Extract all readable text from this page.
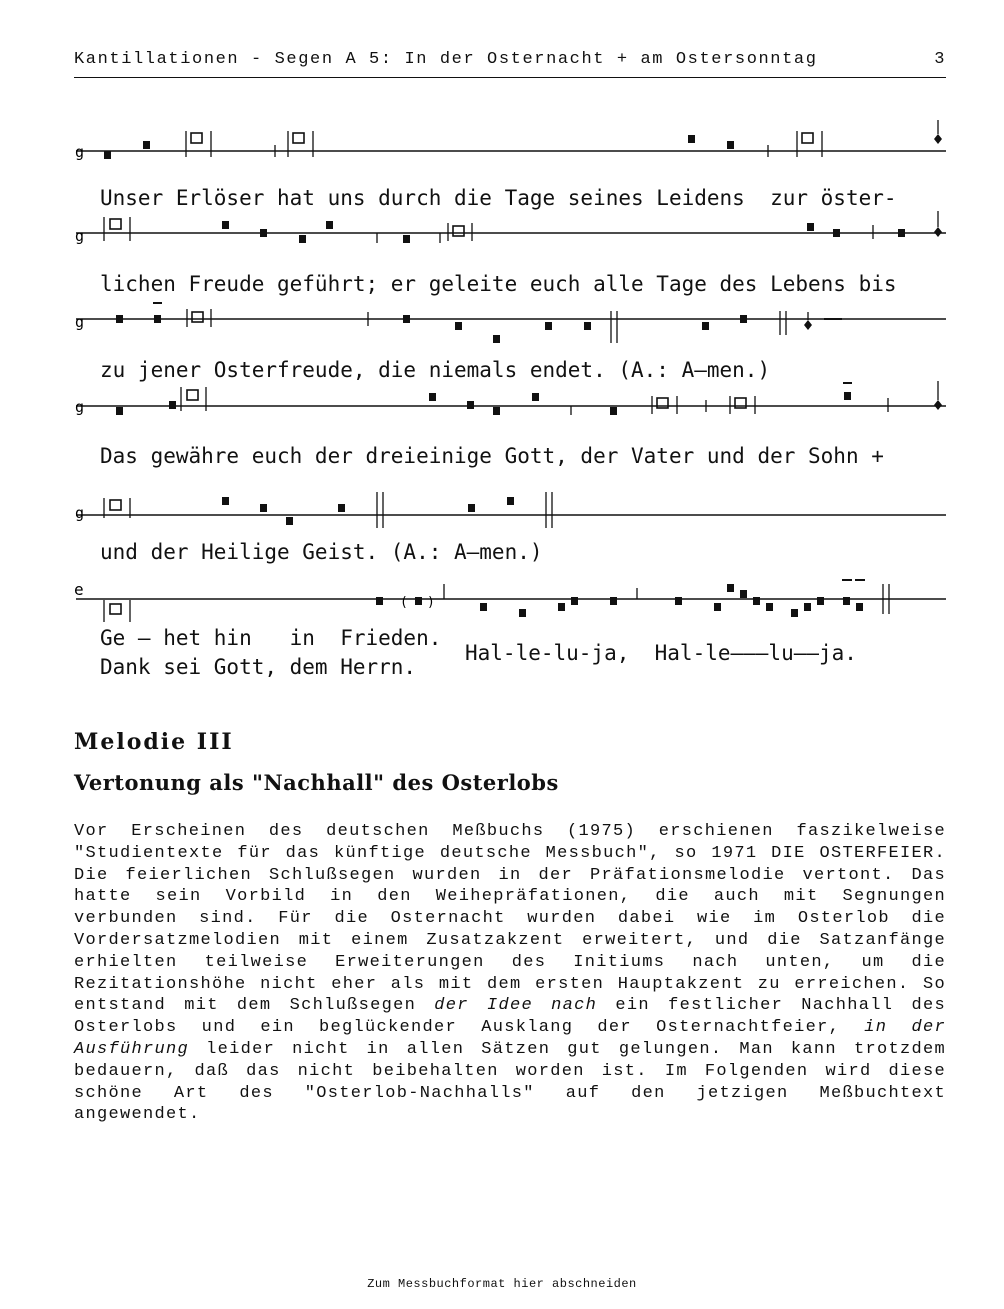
Kantillationen - Segen A 5: In der Osternacht + am Ostersonntag	3
g
Unser Erlöser hat uns durch die Tage seines Leidens  zur öster-
g
lichen Freude geführt; er geleite euch alle Tage des Lebens bis
g
zu jener Osterfreude, die niemals endet. (A.: A—men.)
g
Das gewähre euch der dreieinige Gott, der Vater und der Sohn +
g
und der Heilige Geist. (A.: A—men.)
e
( )
Ge — het hin   in  Frieden.
Dank sei Gott, dem Herrn.
Hal-le-lu-ja,  Hal-le———lu——ja.
Melodie III
Vertonung als "Nachhall" des Osterlobs

Vor Erscheinen des deutschen Meßbuchs (1975) erschienen faszikelweise "Studientexte für das künftige deutsche Messbuch", so 1971 DIE OSTERFEIER. Die feierlichen Schlußsegen wurden in der Präfationsmelodie vertont. Das hatte sein Vorbild in den Weihepräfationen, die auch mit Segnungen verbunden sind. Für die Osternacht wurden dabei wie im Osterlob die Vordersatzmelodien mit einem Zusatzakzent erweitert, und die Satzanfänge erhielten teilweise Erweiterungen des Initiums nach unten, um die Rezitationshöhe nicht eher als mit dem ersten Hauptakzent zu erreichen. So entstand mit dem Schlußsegen der Idee nach ein festlicher Nachhall des Osterlobs und ein beglückender Ausklang der Osternachtfeier, in der Ausführung leider nicht in allen Sätzen gut gelungen. Man kann trotzdem bedauern, daß das nicht beibehalten worden ist. Im Folgenden wird diese schöne Art des "Osterlob-Nachhalls" auf den jetzigen Meßbuchtext angewendet.

Zum Messbuchformat hier abschneiden
